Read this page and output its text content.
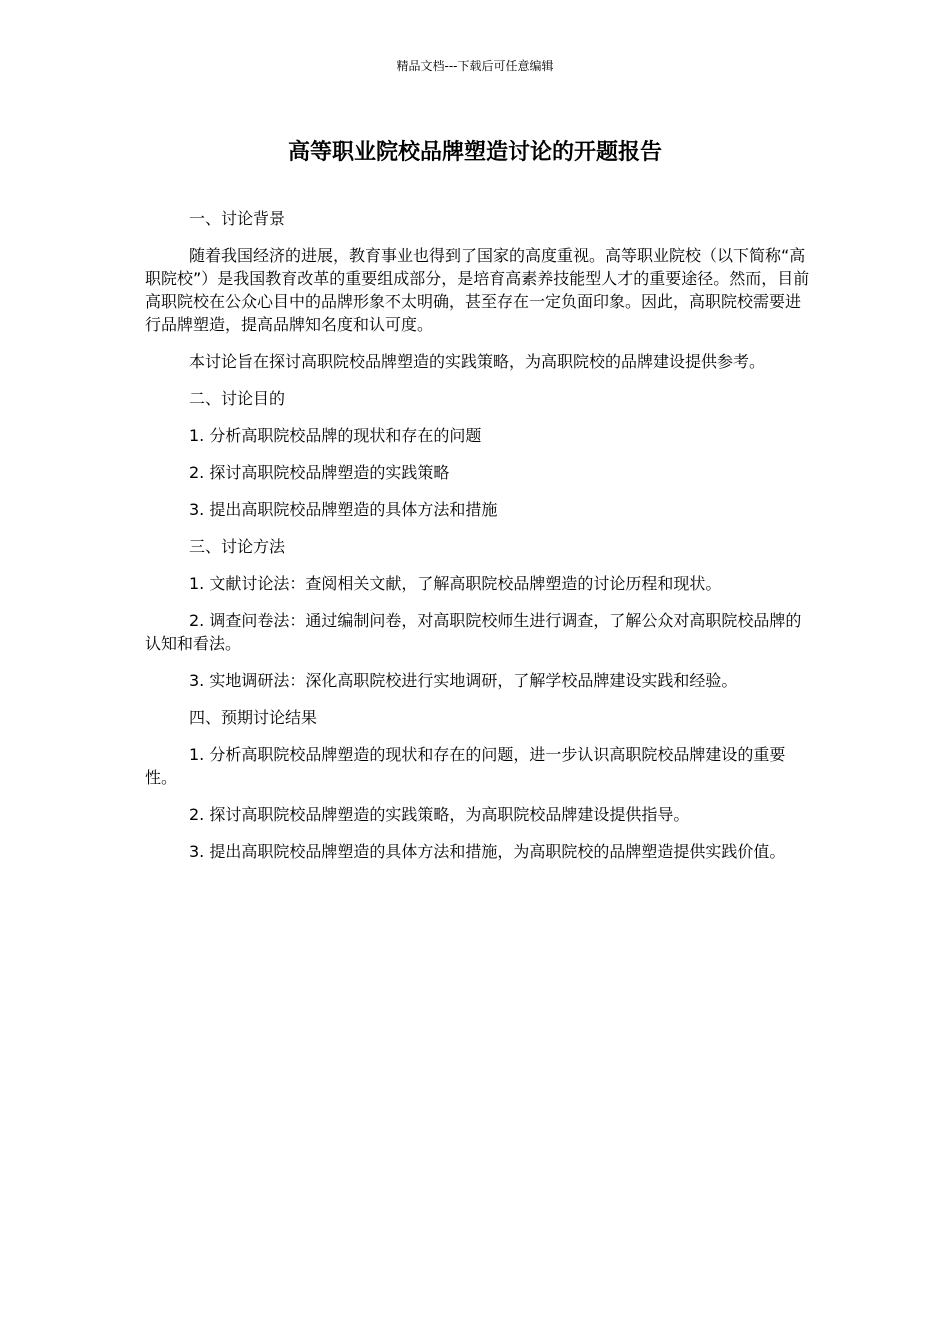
精品文档---下载后可任意编辑
高等职业院校品牌塑造讨论的开题报告

一、讨论背景

随着我国经济的进展，教育事业也得到了国家的高度重视。高等职业院校（以下简称“高职院校”）是我国教育改革的重要组成部分，是培育高素养技能型人才的重要途径。然而，目前高职院校在公众心目中的品牌形象不太明确，甚至存在一定负面印象。因此，高职院校需要进行品牌塑造，提高品牌知名度和认可度。

本讨论旨在探讨高职院校品牌塑造的实践策略，为高职院校的品牌建设提供参考。

二、讨论目的

1. 分析高职院校品牌的现状和存在的问题

2. 探讨高职院校品牌塑造的实践策略

3. 提出高职院校品牌塑造的具体方法和措施

三、讨论方法

1. 文献讨论法：查阅相关文献，了解高职院校品牌塑造的讨论历程和现状。

2. 调查问卷法：通过编制问卷，对高职院校师生进行调查，了解公众对高职院校品牌的认知和看法。

3. 实地调研法：深化高职院校进行实地调研，了解学校品牌建设实践和经验。

四、预期讨论结果

1. 分析高职院校品牌塑造的现状和存在的问题，进一步认识高职院校品牌建设的重要性。

2. 探讨高职院校品牌塑造的实践策略，为高职院校品牌建设提供指导。

3. 提出高职院校品牌塑造的具体方法和措施，为高职院校的品牌塑造提供实践价值。
